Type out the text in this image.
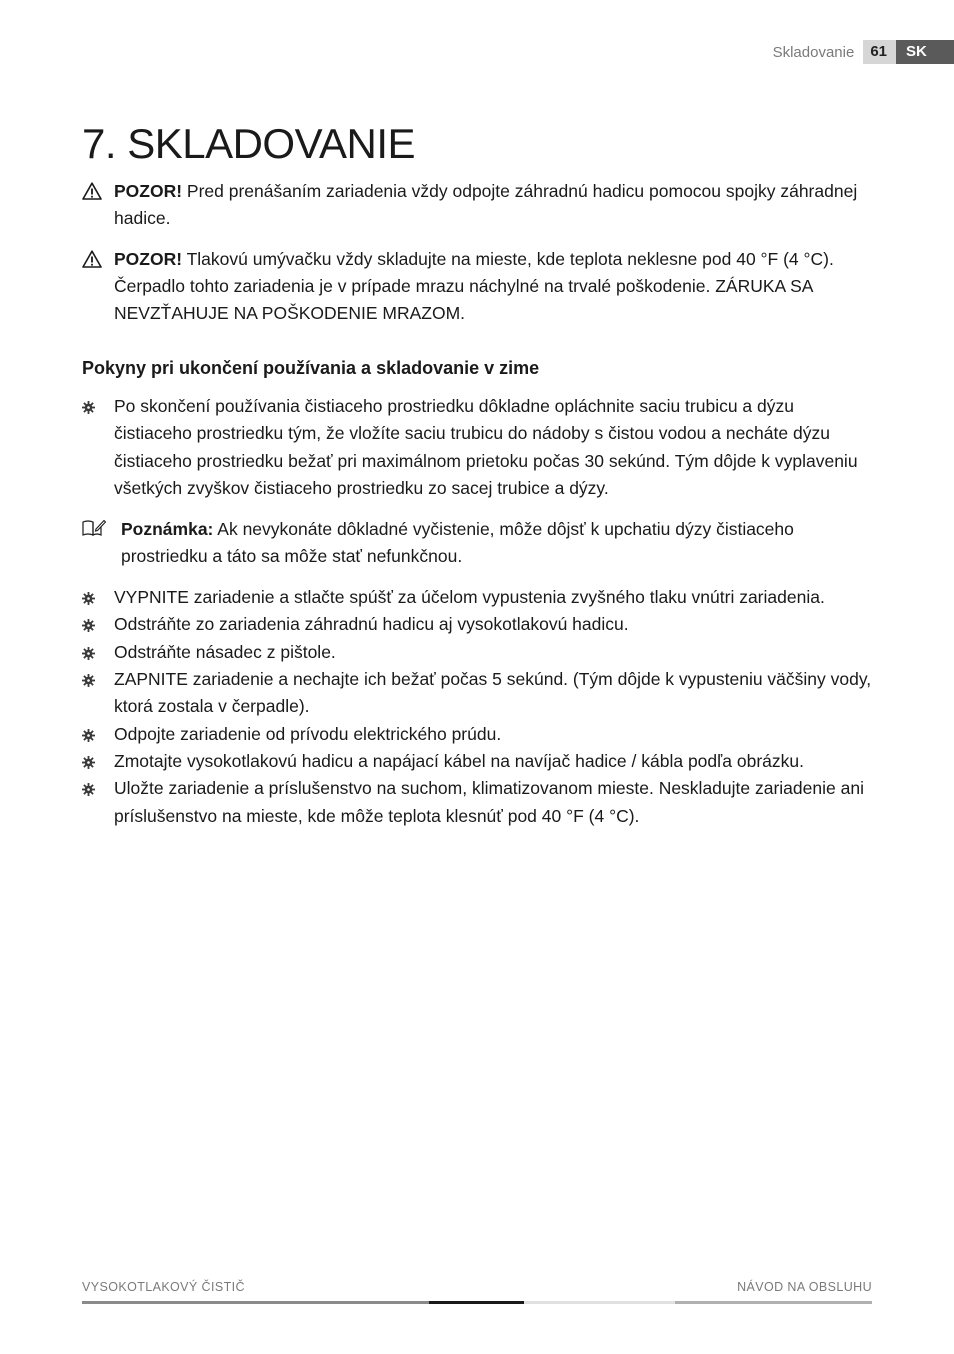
Skladovanie	61	SK
7. SKLADOVANIE
POZOR! Pred prenášaním zariadenia vždy odpojte záhradnú hadicu pomocou spojky záhradnej hadice.
POZOR! Tlakovú umývačku vždy skladujte na mieste, kde teplota neklesne pod 40 °F (4 °C). Čerpadlo tohto zariadenia je v prípade mrazu náchylné na trvalé poškodenie. ZÁRUKA SA NEVZŤAHUJE NA POŠKODENIE MRAZOM.
Pokyny pri ukončení používania a skladovanie v zime
Po skončení používania čistiaceho prostriedku dôkladne opláchnite saciu trubicu a dýzu čistiaceho prostriedku tým, že vložíte saciu trubicu do nádoby s čistou vodou a necháte dýzu čistiaceho prostriedku bežať pri maximálnom prietoku počas 30 sekúnd. Tým dôjde k vyplaveniu všetkých zvyškov čistiaceho prostriedku zo sacej trubice a dýzy.
Poznámka: Ak nevykonáte dôkladné vyčistenie, môže dôjsť k upchatiu dýzy čistiaceho prostriedku a táto sa môže stať nefunkčnou.
VYPNITE zariadenie a stlačte spúšť za účelom vypustenia zvyšného tlaku vnútri zariadenia.
Odstráňte zo zariadenia záhradnú hadicu aj vysokotlakovú hadicu.
Odstráňte násadec z pištole.
ZAPNITE zariadenie a nechajte ich bežať počas 5 sekúnd. (Tým dôjde k vypusteniu väčšiny vody, ktorá zostala v čerpadle).
Odpojte zariadenie od prívodu elektrického prúdu.
Zmotajte vysokotlakovú hadicu a napájací kábel na navíjač hadice / kábla podľa obrázku.
Uložte zariadenie a príslušenstvo na suchom, klimatizovanom mieste. Neskladujte zariadenie ani príslušenstvo na mieste, kde môže teplota klesnúť pod 40 °F (4 °C).
VYSOKOTLAKOVÝ ČISTIČ	NÁVOD NA OBSLUHU
